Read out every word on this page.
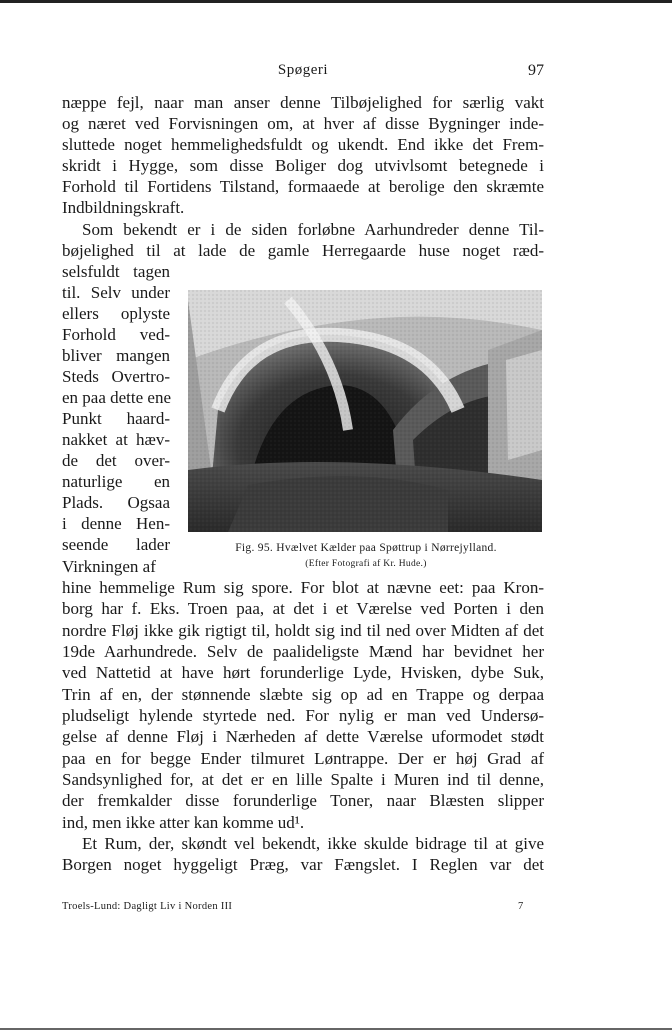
Spøgeri	97
næppe fejl, naar man anser denne Tilbøjelighed for særlig vakt
og næret ved Forvisningen om, at hver af disse Bygninger inde-
sluttede noget hemmelighedsfuldt og ukendt. End ikke det Frem-
skridt i Hygge, som disse Boliger dog utvivlsomt betegnede i
Forhold til Fortidens Tilstand, formaaede at berolige den skræmte
Indbildningskraft.
Som bekendt er i de siden forløbne Aarhundreder denne Til-
bøjelighed til at lade de gamle Herregaarde huse noget ræd-
selsfuldt tagen
til. Selv under
ellers oplyste
Forhold ved-
bliver mangen
Steds Overtro-
en paa dette ene
Punkt haard-
nakket at hæv-
de det over-
naturlige en
Plads. Ogsaa
i denne Hen-
seende lader
Virkningen af
Fig. 95. Hvælvet Kælder paa Spøttrup i Nørrejylland.
(Efter Fotografi af Kr. Hude.)
hine hemmelige Rum sig spore. For blot at nævne eet: paa Kron-
borg har f. Eks. Troen paa, at det i et Værelse ved Porten i den
nordre Fløj ikke gik rigtigt til, holdt sig ind til ned over Midten af det
19de Aarhundrede. Selv de paalideligste Mænd har bevidnet her
ved Nattetid at have hørt forunderlige Lyde, Hvisken, dybe Suk,
Trin af en, der stønnende slæbte sig op ad en Trappe og derpaa
pludseligt hylende styrtede ned. For nylig er man ved Undersø-
gelse af denne Fløj i Nærheden af dette Værelse uformodet stødt
paa en for begge Ender tilmuret Løntrappe. Der er høj Grad af
Sandsynlighed for, at det er en lille Spalte i Muren ind til denne,
der fremkalder disse forunderlige Toner, naar Blæsten slipper
ind, men ikke atter kan komme ud¹.
Et Rum, der, skøndt vel bekendt, ikke skulde bidrage til at give
Borgen noget hyggeligt Præg, var Fængslet. I Reglen var det
Troels-Lund: Dagligt Liv i Norden III	7
